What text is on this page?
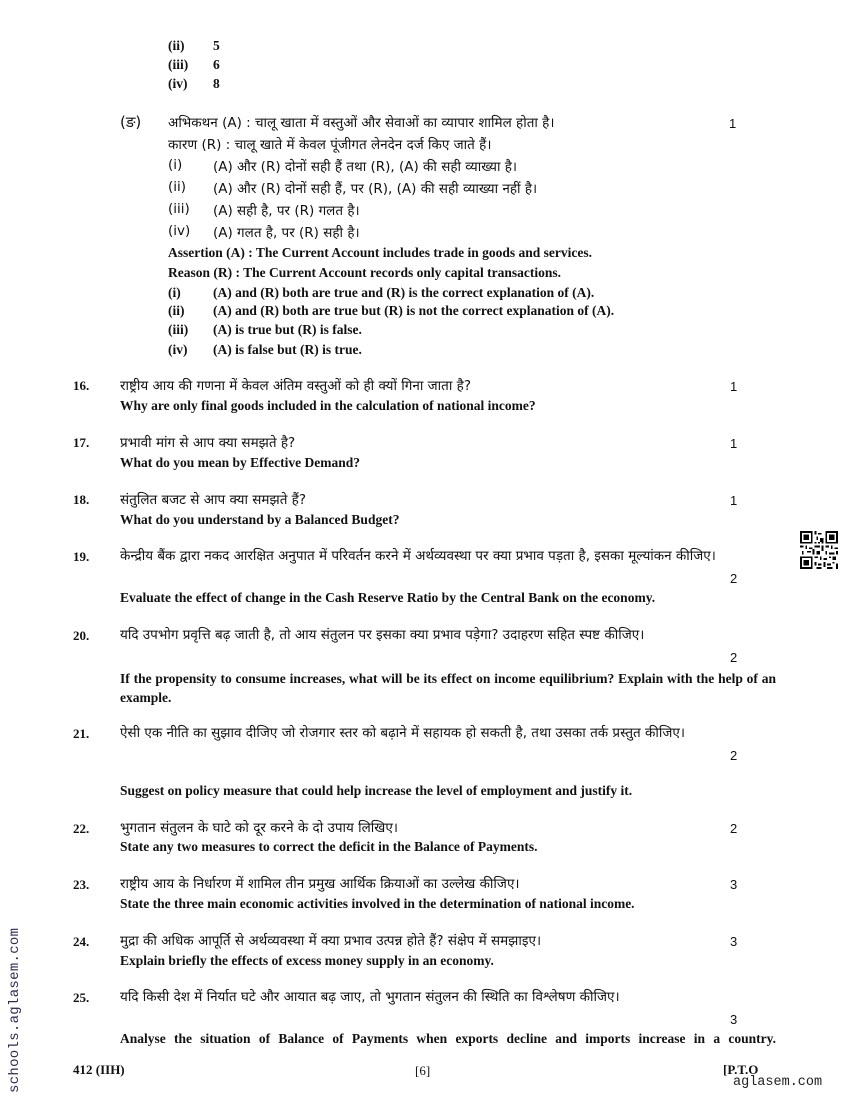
(ii) 5
(iii) 6
(iv) 8
(ङ) अभिकथन (A) : चालू खाता में वस्तुओं और सेवाओं का व्यापार शामिल होता है।	1
कारण (R) : चालू खाते में केवल पूंजीगत लेनदेन दर्ज किए जाते हैं।
(i) (A) और (R) दोनों सही हैं तथा (R), (A) की सही व्याख्या है।
(ii) (A) और (R) दोनों सही हैं, पर (R), (A) की सही व्याख्या नहीं है।
(iii) (A) सही है, पर (R) गलत है।
(iv) (A) गलत है, पर (R) सही है।
Assertion (A) : The Current Account includes trade in goods and services.
Reason (R) : The Current Account records only capital transactions.
(i) (A) and (R) both are true and (R) is the correct explanation of (A).
(ii) (A) and (R) both are true but (R) is not the correct explanation of (A).
(iii) (A) is true but (R) is false.
(iv) (A) is false but (R) is true.
16. राष्ट्रीय आय की गणना में केवल अंतिम वस्तुओं को ही क्यों गिना जाता है?	1
Why are only final goods included in the calculation of national income?
17. प्रभावी मांग से आप क्या समझते है?	1
What do you mean by Effective Demand?
18. संतुलित बजट से आप क्या समझते हैं?	1
What do you understand by a Balanced Budget?
19. केन्द्रीय बैंक द्वारा नकद आरक्षित अनुपात में परिवर्तन करने में अर्थव्यवस्था पर क्या प्रभाव पड़ता है, इसका मूल्यांकन कीजिए।
2
Evaluate the effect of change in the Cash Reserve Ratio by the Central Bank on the economy.
20. यदि उपभोग प्रवृत्ति बढ़ जाती है, तो आय संतुलन पर इसका क्या प्रभाव पड़ेगा? उदाहरण सहित स्पष्ट कीजिए।
2
If the propensity to consume increases, what will be its effect on income equilibrium? Explain with the help of an example.
21. ऐसी एक नीति का सुझाव दीजिए जो रोजगार स्तर को बढ़ाने में सहायक हो सकती है, तथा उसका तर्क प्रस्तुत कीजिए।
2
Suggest on policy measure that could help increase the level of employment and justify it.
22. भुगतान संतुलन के घाटे को दूर करने के दो उपाय लिखिए।	2
State any two measures to correct the deficit in the Balance of Payments.
23. राष्ट्रीय आय के निर्धारण में शामिल तीन प्रमुख आर्थिक क्रियाओं का उल्लेख कीजिए।	3
State the three main economic activities involved in the determination of national income.
24. मुद्रा की अधिक आपूर्ति से अर्थव्यवस्था में क्या प्रभाव उत्पन्न होते हैं? संक्षेप में समझाइए।	3
Explain briefly the effects of excess money supply in an economy.
25. यदि किसी देश में निर्यात घटे और आयात बढ़ जाए, तो भुगतान संतुलन की स्थिति का विश्लेषण कीजिए।
3
Analyse the situation of Balance of Payments when exports decline and imports increase in a country.
412 (IIH)	[6]	[P.T.O
aglasem.com
schools.aglasem.com
